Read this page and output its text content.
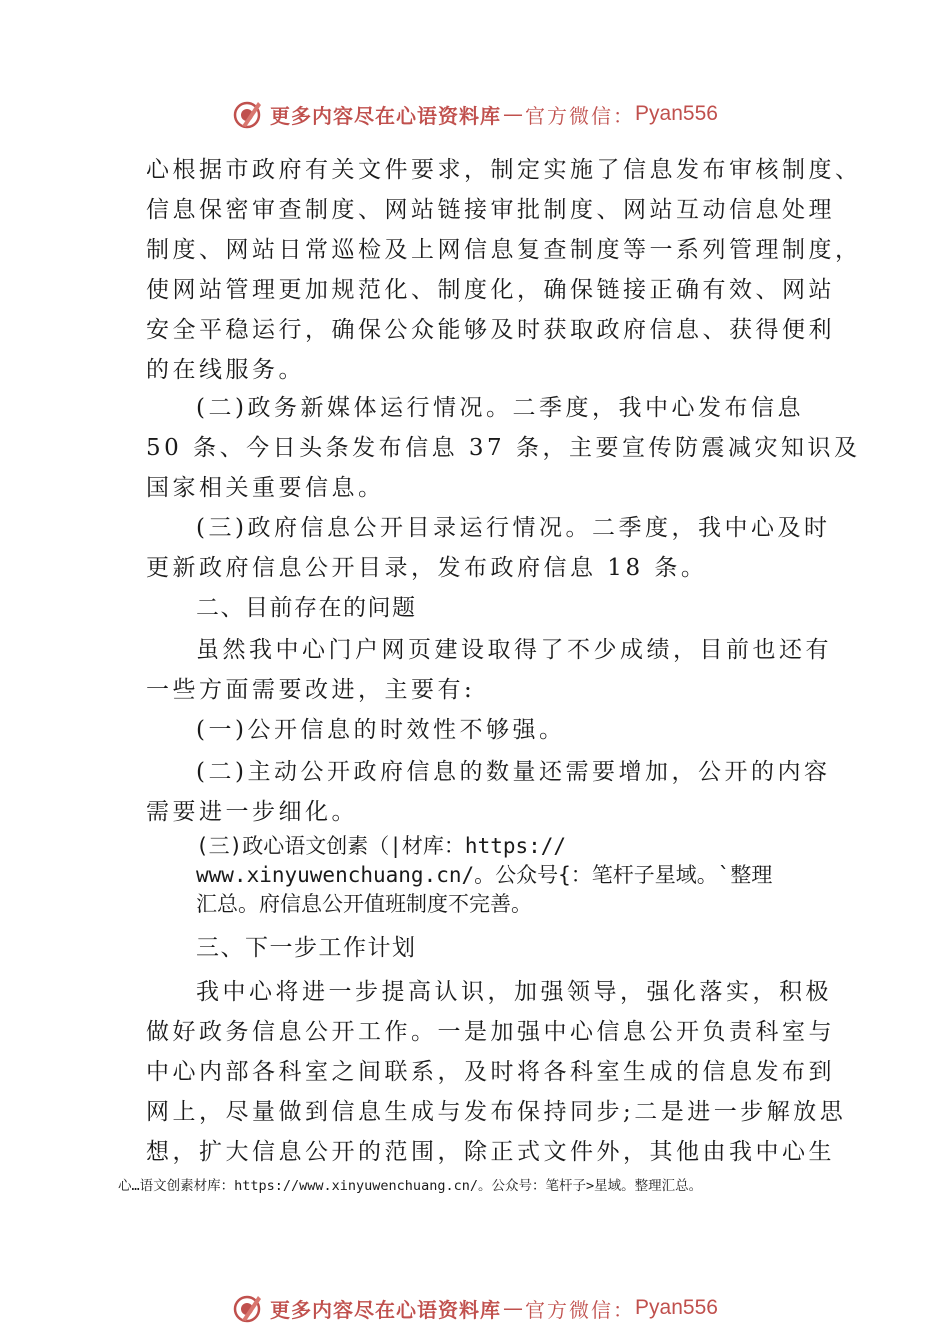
更多内容尽在心语资料库 — 官方微信： Pyan556
心根据市政府有关文件要求，制定实施了信息发布审核制度、
信息保密审查制度、网站链接审批制度、网站互动信息处理
制度、网站日常巡检及上网信息复查制度等一系列管理制度，
使网站管理更加规范化、制度化，确保链接正确有效、网站
安全平稳运行，确保公众能够及时获取政府信息、获得便利
的在线服务。
(二)政务新媒体运行情况。二季度，我中心发布信息
50 条、今日头条发布信息 37 条，主要宣传防震减灾知识及
国家相关重要信息。
(三)政府信息公开目录运行情况。二季度，我中心及时
更新政府信息公开目录，发布政府信息 18 条。
二、目前存在的问题
虽然我中心门户网页建设取得了不少成绩，目前也还有
一些方面需要改进，主要有:
(一)公开信息的时效性不够强。
(二)主动公开政府信息的数量还需要增加，公开的内容
需要进一步细化。
(三)政心语文创素（|材库：https://
www.xinyuwenchuang.cn/。公众号{：笔杆子星域。`整理
汇总。府信息公开值班制度不完善。
三、下一步工作计划
我中心将进一步提高认识，加强领导，强化落实，积极
做好政务信息公开工作。一是加强中心信息公开负责科室与
中心内部各科室之间联系，及时将各科室生成的信息发布到
网上，尽量做到信息生成与发布保持同步;二是进一步解放思
想，扩大信息公开的范围，除正式文件外，其他由我中心生
心…语文创素材库：https://www.xinyuwenchuang.cn/。公众号：笔杆子>星域。整理汇总。
更多内容尽在心语资料库 — 官方微信： Pyan556
